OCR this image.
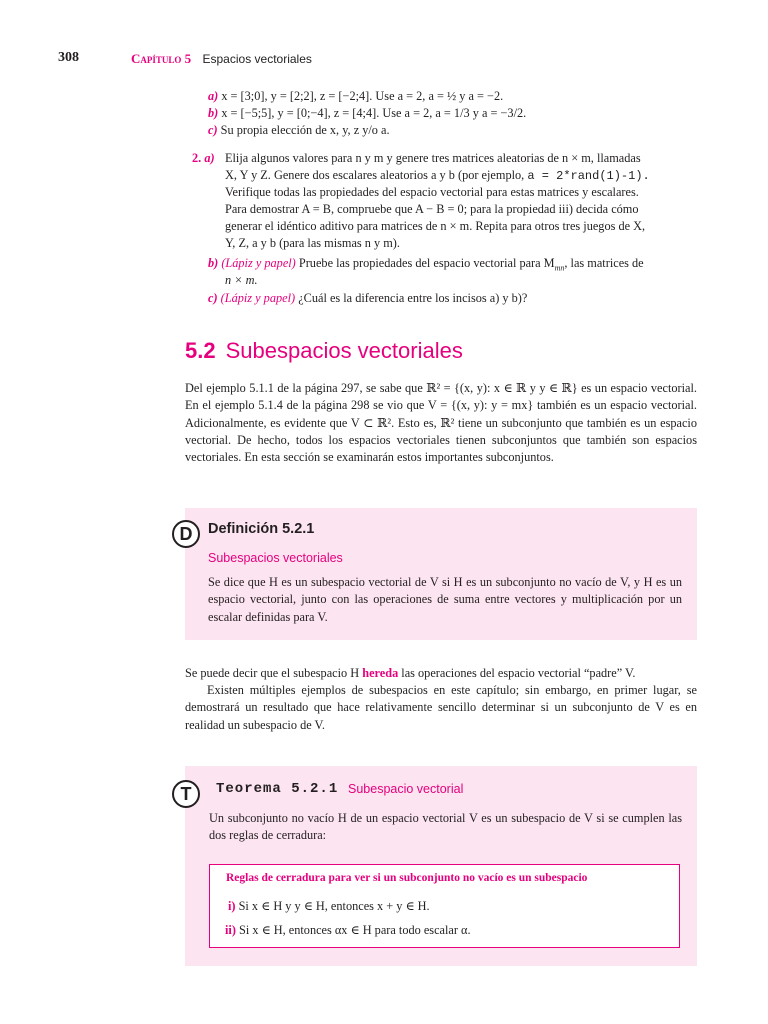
308	Capítulo 5 Espacios vectoriales
a) x = [3;0], y = [2;2], z = [−2;4]. Use a = 2, a = ½ y a = −2.
b) x = [−5;5], y = [0;−4], z = [4;4]. Use a = 2, a = 1/3 y a = −3/2.
c) Su propia elección de x, y, z y/o a.
2. a) Elija algunos valores para n y m y genere tres matrices aleatorias de n × m, llamadas
X, Y y Z. Genere dos escalares aleatorios a y b (por ejemplo, a = 2*rand(1)-1).
Verifique todas las propiedades del espacio vectorial para estas matrices y escalares.
Para demostrar A = B, compruebe que A − B = 0; para la propiedad iii) decida cómo
generar el idéntico aditivo para matrices de n × m. Repita para otros tres juegos de X,
Y, Z, a y b (para las mismas n y m).
b) (Lápiz y papel) Pruebe las propiedades del espacio vectorial para $M_{mn}$, las matrices de
n × m.
c) (Lápiz y papel) ¿Cuál es la diferencia entre los incisos a) y b)?
5.2 Subespacios vectoriales
Del ejemplo 5.1.1 de la página 297, se sabe que ℝ² = {(x, y): x ∈ ℝ y y ∈ ℝ} es un espacio vectorial. En el ejemplo 5.1.4 de la página 298 se vio que V = {(x, y): y = mx} también es un espacio vectorial. Adicionalmente, es evidente que V ⊂ ℝ². Esto es, ℝ² tiene un subconjunto que también es un espacio vectorial. De hecho, todos los espacios vectoriales tienen subconjuntos que también son espacios vectoriales. En esta sección se examinarán estos importantes subconjuntos.
D	Definición 5.2.1
Subespacios vectoriales
Se dice que H es un subespacio vectorial de V si H es un subconjunto no vacío de V, y H es un espacio vectorial, junto con las operaciones de suma entre vectores y multiplicación por un escalar definidas para V.
Se puede decir que el subespacio H hereda las operaciones del espacio vectorial “padre” V.
Existen múltiples ejemplos de subespacios en este capítulo; sin embargo, en primer lugar, se demostrará un resultado que hace relativamente sencillo determinar si un subconjunto de V es en realidad un subespacio de V.
T	Teorema 5.2.1 Subespacio vectorial
Un subconjunto no vacío H de un espacio vectorial V es un subespacio de V si se cumplen las dos reglas de cerradura:
Reglas de cerradura para ver si un subconjunto no vacío es un subespacio
i) Si x ∈ H y y ∈ H, entonces x + y ∈ H.
ii) Si x ∈ H, entonces αx ∈ H para todo escalar α.
